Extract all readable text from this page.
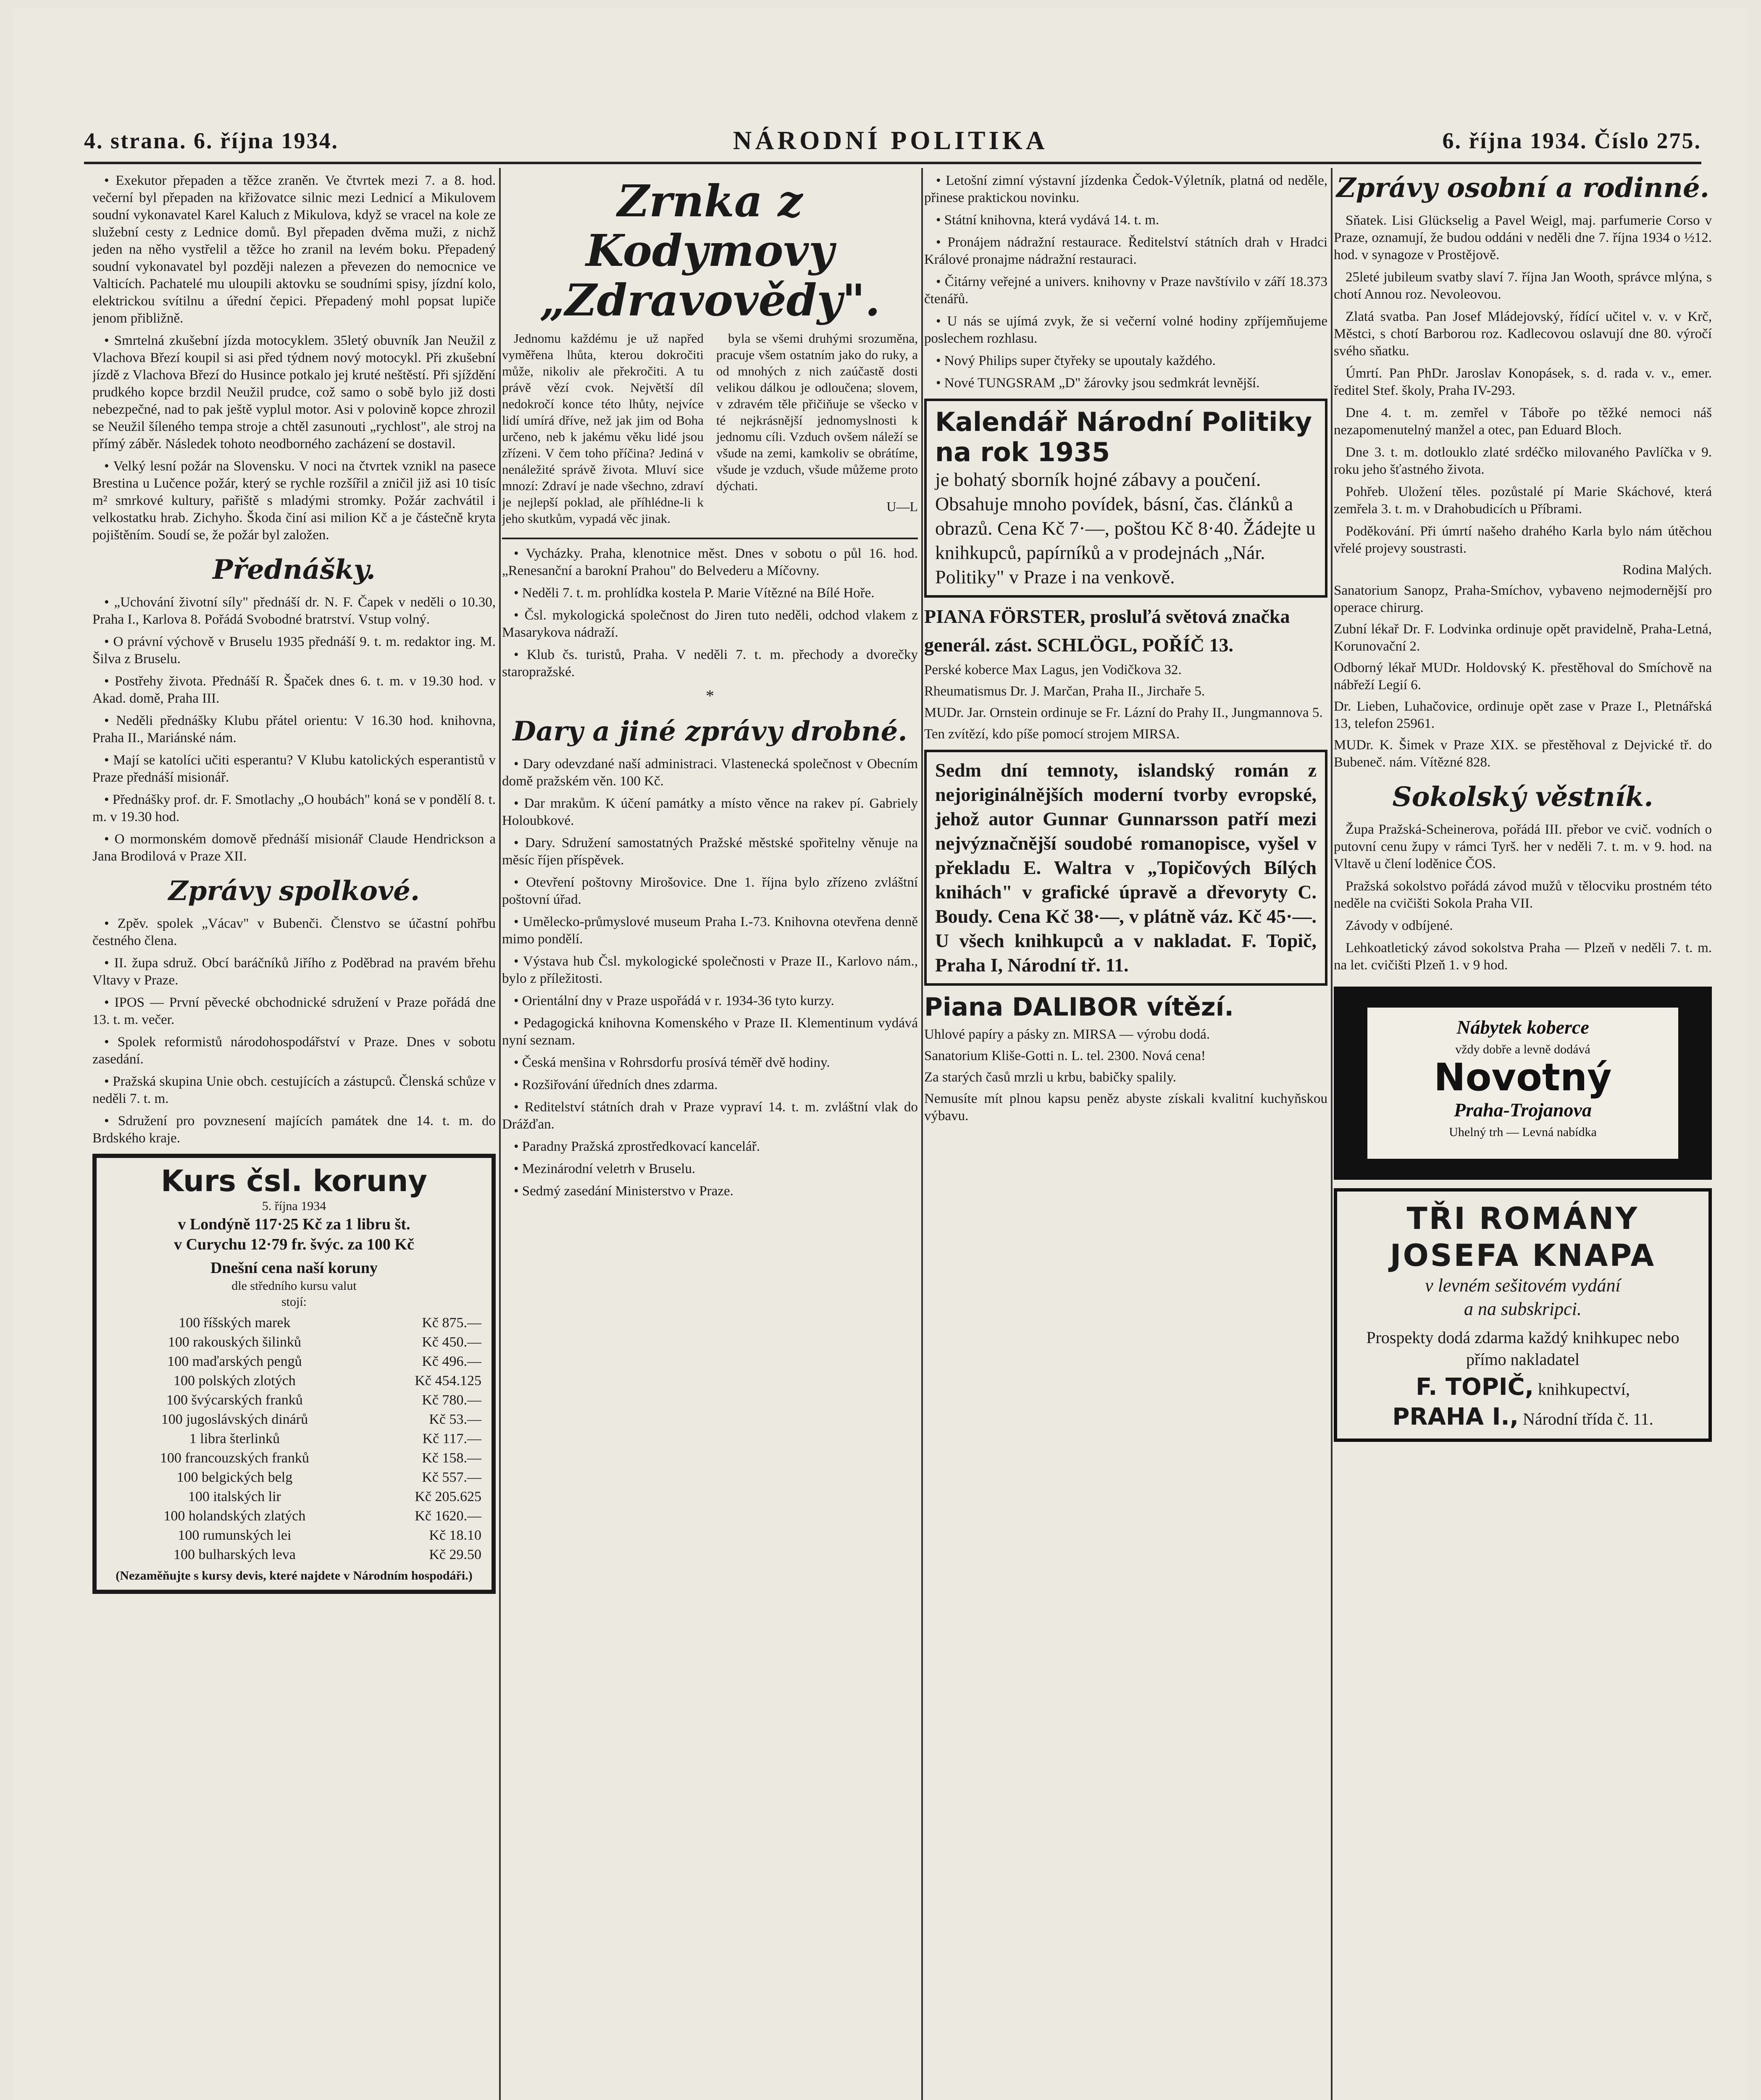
4. strana. 6. října 1934.	NÁRODNÍ POLITIKA	6. října 1934. Číslo 275.

• Exekutor přepaden a těžce zraněn. Ve čtvrtek mezi 7. a 8. hod. večerní byl přepaden na křižovatce silnic mezi Lednicí a Mikulovem soudní vykonavatel Karel Kaluch z Mikulova, když se vracel na kole ze služební cesty z Lednice domů. Byl přepaden dvěma muži, z nichž jeden na něho vystřelil a těžce ho zranil na levém boku. Přepadený soudní vykonavatel byl později nalezen a převezen do nemocnice ve Valticích. Pachatelé mu uloupili aktovku se soudními spisy, jízdní kolo, elektrickou svítilnu a úřední čepici. Přepadený mohl popsat lupiče jenom přibližně.

• Smrtelná zkušební jízda motocyklem. 35letý obuvník Jan Neužil z Vlachova Březí koupil si asi před týdnem nový motocykl. Při zkušební jízdě z Vlachova Březí do Husince potkalo jej kruté neštěstí. Při sjíždění prudkého kopce brzdil Neužil prudce, což samo o sobě bylo již dosti nebezpečné, nad to pak ještě vyplul motor. Asi v polovině kopce zhrozil se Neužil šíleného tempa stroje a chtěl zasunouti „rychlost", ale stroj na přímý záběr. Následek tohoto neodborného zacházení se dostavil.

• Velký lesní požár na Slovensku. V noci na čtvrtek vznikl na pasece Brestina u Lučence požár, který se rychle rozšířil a zničil již asi 10 tisíc m² smrkové kultury, pařiště s mladými stromky. Požár zachvátil i velkostatku hrab. Zichyho. Škoda činí asi milion Kč a je částečně kryta pojištěním. Soudí se, že požár byl založen.

Přednášky.

• „Uchování životní síly" přednáší dr. N. F. Čapek v neděli o 10.30, Praha I., Karlova 8. Pořádá Svobodné bratrství. Vstup volný.

• O právní výchově v Bruselu 1935 přednáší 9. t. m. redaktor ing. M. Šilva z Bruselu.

• Postřehy života. Přednáší R. Špaček dnes 6. t. m. v 19.30 hod. v Akad. domě, Praha III.

• Neděli přednášky Klubu přátel orientu: V 16.30 hod. knihovna, Praha II., Mariánské nám.

• Mají se katolíci učiti esperantu? V Klubu katolických esperantistů v Praze přednáší misionář.

• Přednášky prof. dr. F. Smotlachy „O houbách" koná se v pondělí 8. t. m. v 19.30 hod.

• O mormonském domově přednáší misionář Claude Hendrickson a Jana Brodilová v Praze XII.

Zprávy spolkové.

• Zpěv. spolek „Vácav" v Bubenči. Členstvo se účastní pohřbu čestného člena.

• II. župa sdruž. Obcí baráčníků Jiřího z Poděbrad na pravém břehu Vltavy v Praze.

• IPOS — První pěvecké obchodnické sdružení v Praze pořádá dne 13. t. m. večer.

• Spolek reformistů národohospodářství v Praze. Dnes v sobotu zasedání.

• Pražská skupina Unie obch. cestujících a zástupců. Členská schůze v neděli 7. t. m.

• Sdružení pro povznesení majících památek dne 14. t. m. do Brdského kraje.

Kurs čsl. koruny
5. října 1934
v Londýně 117·25 Kč za 1 libru št.
v Curychu 12·79 fr. švýc. za 100 Kč
Dnešní cena naší koruny
dle středního kursu valut
stojí:
100 říšských marek	Kč 875.—
100 rakouských šilinků	Kč 450.—
100 maďarských pengů	Kč 496.—
100 polských zlotých	Kč 454.125
100 švýcarských franků	Kč 780.—
100 jugoslávských dinárů	Kč 53.—
1 libra šterlinků	Kč 117.—
100 francouzských franků	Kč 158.—
100 belgických belg	Kč 557.—
100 italských lir	Kč 205.625
100 holandských zlatých	Kč 1620.—
100 rumunských lei	Kč 18.10
100 bulharských leva	Kč 29.50
(Nezaměňujte s kursy devis, které najdete v Národním hospodáři.)
Zrnka z Kodymovy „Zdravovědy".

Jednomu každému je už napřed vyměřena lhůta, kterou dokročiti může, nikoliv ale překročiti. A tu právě vězí cvok. Největší díl nedokročí konce této lhůty, nejvíce lidí umírá dříve, než jak jim od Boha určeno, neb k jakému věku lidé jsou zřízeni. V čem toho příčina? Jediná v nenáležité správě života. Mluví sice mnozí: Zdraví je nade všechno, zdraví je nejlepší poklad, ale příhlédne-li k jeho skutkům, vypadá věc jinak.

byla se všemi druhými srozuměna, pracuje všem ostatním jako do ruky, a od mnohých z nich zaúčastě dosti velikou dálkou je odloučena; slovem, v zdravém těle přičiňuje se všecko v té nejkrásnější jednomyslnosti k jednomu cíli. Vzduch ovšem náleží se všude na zemi, kamkoliv se obrátíme, všude je vzduch, všude můžeme proto dýchati.

U—L

• Vycházky. Praha, klenotnice měst. Dnes v sobotu o půl 16. hod. „Renesanční a barokní Prahou" do Belvederu a Míčovny.

• Neděli 7. t. m. prohlídka kostela P. Marie Vítězné na Bílé Hoře.

• Čsl. mykologická společnost do Jiren tuto neděli, odchod vlakem z Masarykova nádraží.

• Klub čs. turistů, Praha. V neděli 7. t. m. přechody a dvorečky staropražské.

*
Dary a jiné zprávy drobné.

• Dary odevzdané naší administraci. Vlastenecká společnost v Obecním domě pražském věn. 100 Kč.

• Dar mrakům. K účení památky a místo věnce na rakev pí. Gabriely Holoubkové.

• Dary. Sdružení samostatných Pražské městské spořitelny věnuje na měsíc říjen příspěvek.

• Otevření poštovny Mirošovice. Dne 1. října bylo zřízeno zvláštní poštovní úřad.

• Umělecko-průmyslové museum Praha I.-73. Knihovna otevřena denně mimo pondělí.

• Výstava hub Čsl. mykologické společnosti v Praze II., Karlovo nám., bylo z příležitosti.

• Orientální dny v Praze uspořádá v r. 1934-36 tyto kurzy.

• Pedagogická knihovna Komenského v Praze II. Klementinum vydává nyní seznam.

• Česká menšina v Rohrsdorfu prosívá téměř dvě hodiny.

• Rozšiřování úředních dnes zdarma.

• Reditelství státních drah v Praze vypraví 14. t. m. zvláštní vlak do Drážďan.

• Paradny Pražská zprostředkovací kancelář.

• Mezinárodní veletrh v Bruselu.

• Sedmý zasedání Ministerstvo v Praze.

• Letošní zimní výstavní jízdenka Čedok-Výletník, platná od neděle, přinese praktickou novinku.

• Státní knihovna, která vydává 14. t. m.

• Pronájem nádražní restaurace. Ředitelství státních drah v Hradci Králové pronajme nádražní restauraci.

• Čitárny veřejné a univers. knihovny v Praze navštívilo v září 18.373 čtenářů.

• U nás se ujímá zvyk, že si večerní volné hodiny zpříjemňujeme poslechem rozhlasu.

• Nový Philips super čtyřeky se upoutaly každého.

• Nové TUNGSRAM „D" žárovky jsou sedmkrát levnější.

Kalendář Národní Politiky na rok 1935
je bohatý sborník hojné zábavy a poučení. Obsahuje mnoho povídek, básní, čas. článků a obrazů. Cena Kč 7·—, poštou Kč 8·40. Žádejte u knihkupců, papírníků a v prodejnách „Nár. Politiky" v Praze i na venkově.
PIANA FÖRSTER, prosluľá světová značka
generál. zást. SCHLÖGL, POŘÍČ 13.
Perské koberce Max Lagus, jen Vodičkova 32.
Rheumatismus Dr. J. Marčan, Praha II., Jirchaře 5.
MUDr. Jar. Ornstein ordinuje se Fr. Lázní do Prahy II., Jungmannova 5.
Ten zvítězí, kdo píše pomocí strojem MIRSA.
Sedm dní temnoty, islandský román z nejoriginálnějších moderní tvorby evropské, jehož autor Gunnar Gunnarsson patří mezi nejvýznačnější soudobé romanopisce, vyšel v překladu E. Waltra v „Topičových Bílých knihách" v grafické úpravě a dřevoryty C. Boudy. Cena Kč 38·—, v plátně váz. Kč 45·—. U všech knihkupců a v nakladat. F. Topič, Praha I, Národní tř. 11.
Piana DALIBOR vítězí.
Uhlové papíry a pásky zn. MIRSA — výrobu dodá.
Sanatorium Kliše-Gotti n. L. tel. 2300. Nová cena!
Za starých časů mrzli u krbu, babičky spalily.
Nemusíte mít plnou kapsu peněz abyste získali kvalitní kuchyňskou výbavu.
Zprávy osobní a rodinné.

Sňatek. Lisi Glückselig a Pavel Weigl, maj. parfumerie Corso v Praze, oznamují, že budou oddáni v neděli dne 7. října 1934 o ½12. hod. v synagoze v Prostějově.

25leté jubileum svatby slaví 7. října Jan Wooth, správce mlýna, s chotí Annou roz. Nevoleovou.

Zlatá svatba. Pan Josef Mládejovský, řídící učitel v. v. v Krč, Městci, s chotí Barborou roz. Kadlecovou oslavují dne 80. výročí svého sňatku.

Úmrtí. Pan PhDr. Jaroslav Konopásek, s. d. rada v. v., emer. ředitel Stef. školy, Praha IV-293.

Dne 4. t. m. zemřel v Táboře po těžké nemoci náš nezapomenutelný manžel a otec, pan Eduard Bloch.

Dne 3. t. m. dotlouklo zlaté srdéčko milovaného Pavlíčka v 9. roku jeho šťastného života.

Pohřeb. Uložení těles. pozůstalé pí Marie Skáchové, která zemřela 3. t. m. v Drahobudicích u Příbrami.

Poděkování. Při úmrtí našeho drahého Karla bylo nám útěchou vřelé projevy soustrasti.

Rodina Malých.
Sanatorium Sanopz, Praha-Smíchov, vybaveno nejmodernější pro operace chirurg.
Zubní lékař Dr. F. Lodvinka ordinuje opět pravidelně, Praha-Letná, Korunovační 2.
Odborný lékař MUDr. Holdovský K. přestěhoval do Smíchově na nábřeží Legií 6.
Dr. Lieben, Luhačovice, ordinuje opět zase v Praze I., Pletnářská 13, telefon 25961.
MUDr. K. Šimek v Praze XIX. se přestěhoval z Dejvické tř. do Bubeneč. nám. Vítězné 828.
Sokolský věstník.

Župa Pražská-Scheinerova, pořádá III. přebor ve cvič. vodních o putovní cenu župy v rámci Tyrš. her v neděli 7. t. m. v 9. hod. na Vltavě u člení loděnice ČOS.

Pražská sokolstvo pořádá závod mužů v tělocviku prostném této neděle na cvičišti Sokola Praha VII.

Závody v odbíjené.

Lehkoatletický závod sokolstva Praha — Plzeň v neděli 7. t. m. na let. cvičišti Plzeň 1. v 9 hod.

Nábytek koberce
vždy dobře a levně dodává
Novotný
Praha-Trojanova
Uhelný trh — Levná nabídka
TŘI ROMÁNY
JOSEFA KNAPA
v levném sešitovém vydání
a na subskripci.
Prospekty dodá zdarma každý knihkupec nebo přímo nakladatel
F. TOPIČ, knihkupectví,
PRAHA I., Národní třída č. 11.
